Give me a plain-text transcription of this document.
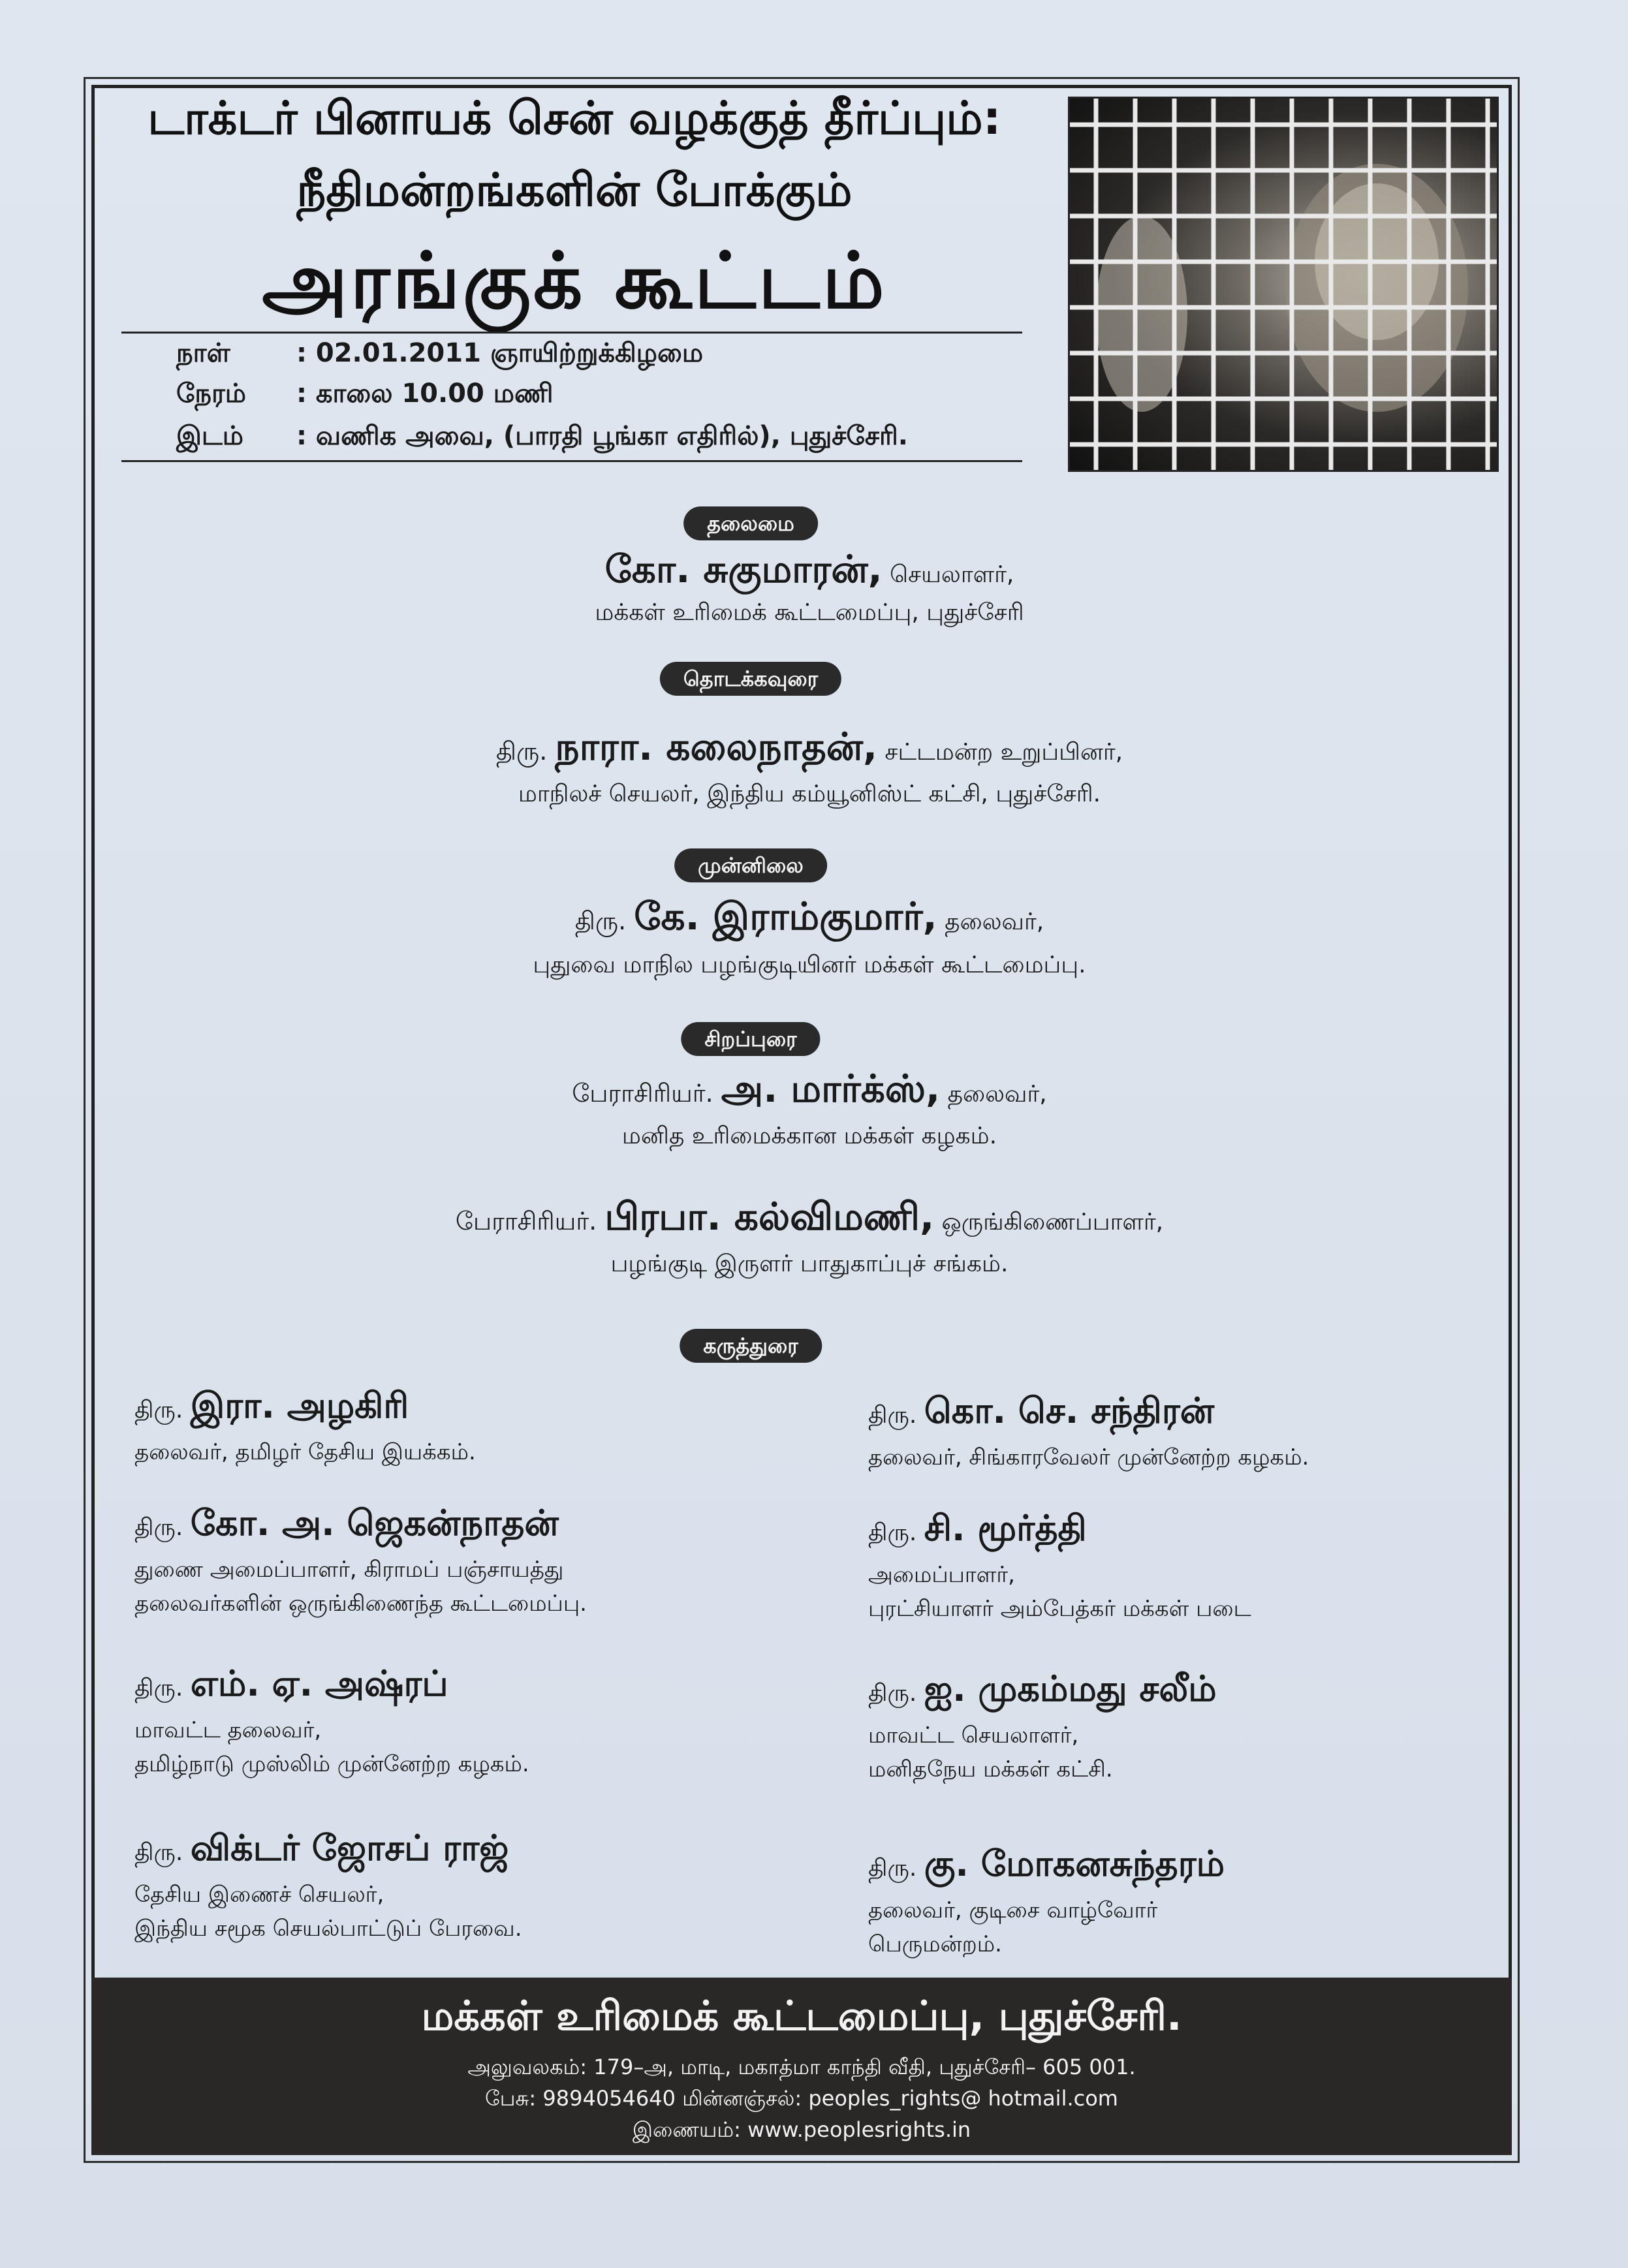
டாக்டர் பினாயக் சென் வழக்குத் தீர்ப்பும்:
நீதிமன்றங்களின் போக்கும்
அரங்குக் கூட்டம்
நாள்	: 02.01.2011 ஞாயிற்றுக்கிழமை
நேரம் : காலை 10.00 மணி
இடம் : வணிக அவை, (பாரதி பூங்கா எதிரில்), புதுச்சேரி.
தலைமை
கோ. சுகுமாரன், செயலாளர்,
மக்கள் உரிமைக் கூட்டமைப்பு, புதுச்சேரி
தொடக்கவுரை
திரு. நாரா. கலைநாதன், சட்டமன்ற உறுப்பினர்,
மாநிலச் செயலர், இந்திய கம்யூனிஸ்ட் கட்சி, புதுச்சேரி.
முன்னிலை
திரு. கே. இராம்குமார், தலைவர்,
புதுவை மாநில பழங்குடியினர் மக்கள் கூட்டமைப்பு.
சிறப்புரை
பேராசிரியர். அ. மார்க்ஸ், தலைவர்,
மனித உரிமைக்கான மக்கள் கழகம்.
பேராசிரியர். பிரபா. கல்விமணி, ஒருங்கிணைப்பாளர்,
பழங்குடி இருளர் பாதுகாப்புச் சங்கம்.
கருத்துரை
திரு. இரா. அழகிரி
தலைவர், தமிழர் தேசிய இயக்கம்.
திரு. கோ. அ. ஜெகன்நாதன்
துணை அமைப்பாளர், கிராமப் பஞ்சாயத்து
தலைவர்களின் ஒருங்கிணைந்த கூட்டமைப்பு.
திரு. எம். ஏ. அஷ்ரப்
மாவட்ட தலைவர்,
தமிழ்நாடு முஸ்லிம் முன்னேற்ற கழகம்.
திரு. விக்டர் ஜோசப் ராஜ்
தேசிய இணைச் செயலர்,
இந்திய சமூக செயல்பாட்டுப் பேரவை.
திரு. கொ. செ. சந்திரன்
தலைவர், சிங்காரவேலர் முன்னேற்ற கழகம்.
திரு. சி. மூர்த்தி
அமைப்பாளர்,
புரட்சியாளர் அம்பேத்கர் மக்கள் படை
திரு. ஐ. முகம்மது சலீம்
மாவட்ட செயலாளர்,
மனிதநேய மக்கள் கட்சி.
திரு. கு. மோகனசுந்தரம்
தலைவர், குடிசை வாழ்வோர்
பெருமன்றம்.
மக்கள் உரிமைக் கூட்டமைப்பு, புதுச்சேரி.
அலுவலகம்: 179–அ, மாடி, மகாத்மா காந்தி வீதி, புதுச்சேரி– 605 001.
பேசு: 9894054640 மின்னஞ்சல்: peoples_rights@ hotmail.com
இணையம்: www.peoplesrights.in
